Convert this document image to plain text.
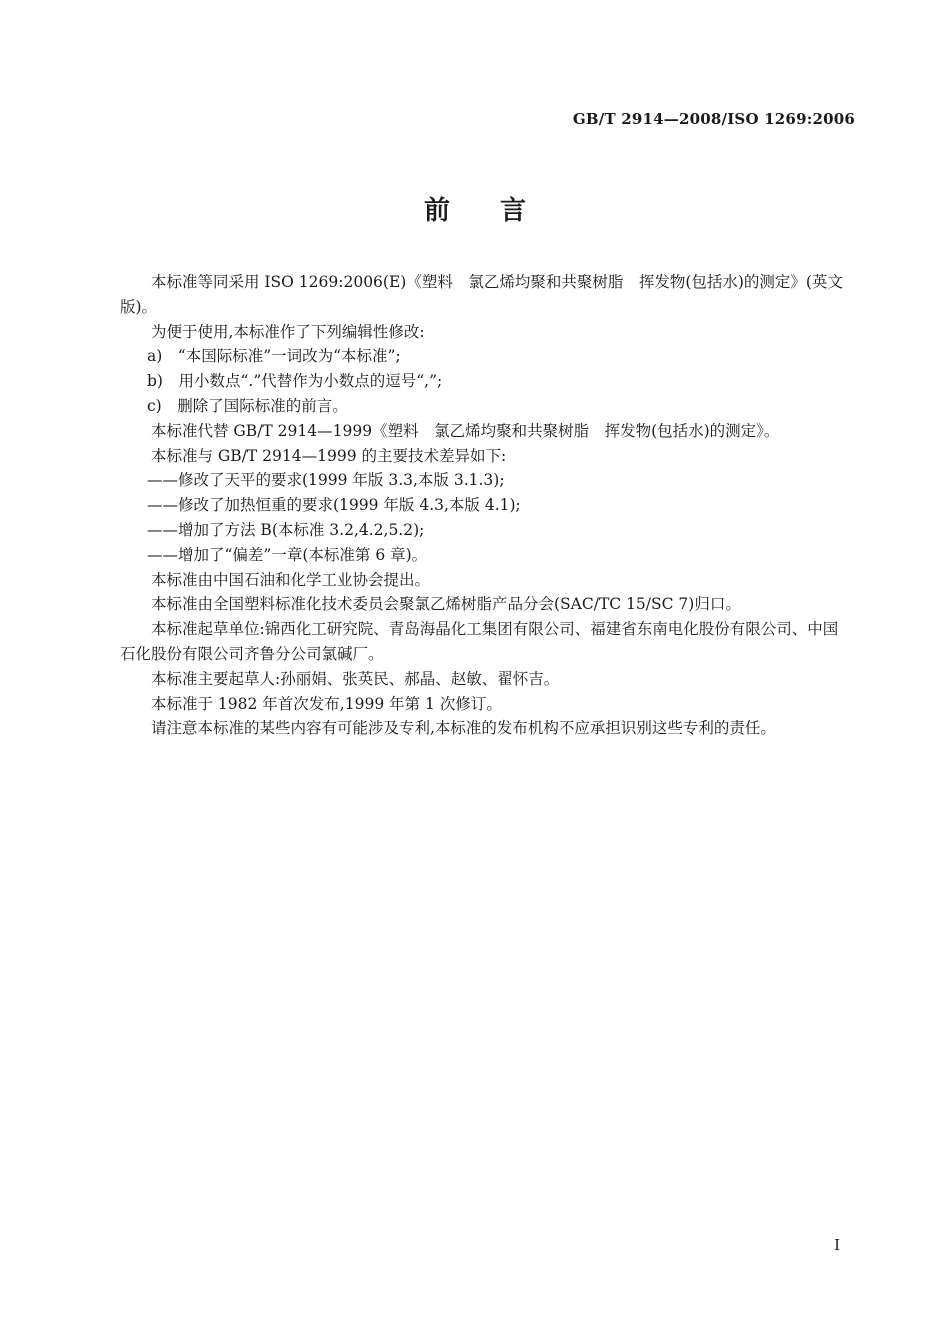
GB/T 2914—2008/ISO 1269:2006
前言

本标准等同采用 ISO 1269:2006(E)《塑料　氯乙烯均聚和共聚树脂　挥发物(包括水)的测定》(英文版)。

为便于使用,本标准作了下列编辑性修改:

a)　“本国际标准”一词改为“本标准”;

b)　用小数点“.”代替作为小数点的逗号“,”;

c)　删除了国际标准的前言。

本标准代替 GB/T 2914—1999《塑料　氯乙烯均聚和共聚树脂　挥发物(包括水)的测定》。

本标准与 GB/T 2914—1999 的主要技术差异如下:

——修改了天平的要求(1999 年版 3.3,本版 3.1.3);

——修改了加热恒重的要求(1999 年版 4.3,本版 4.1);

——增加了方法 B(本标准 3.2,4.2,5.2);

——增加了“偏差”一章(本标准第 6 章)。

本标准由中国石油和化学工业协会提出。

本标准由全国塑料标准化技术委员会聚氯乙烯树脂产品分会(SAC/TC 15/SC 7)归口。

本标准起草单位:锦西化工研究院、青岛海晶化工集团有限公司、福建省东南电化股份有限公司、中国石化股份有限公司齐鲁分公司氯碱厂。

本标准主要起草人:孙丽娟、张英民、郝晶、赵敏、翟怀吉。

本标准于 1982 年首次发布,1999 年第 1 次修订。

请注意本标准的某些内容有可能涉及专利,本标准的发布机构不应承担识别这些专利的责任。

I
